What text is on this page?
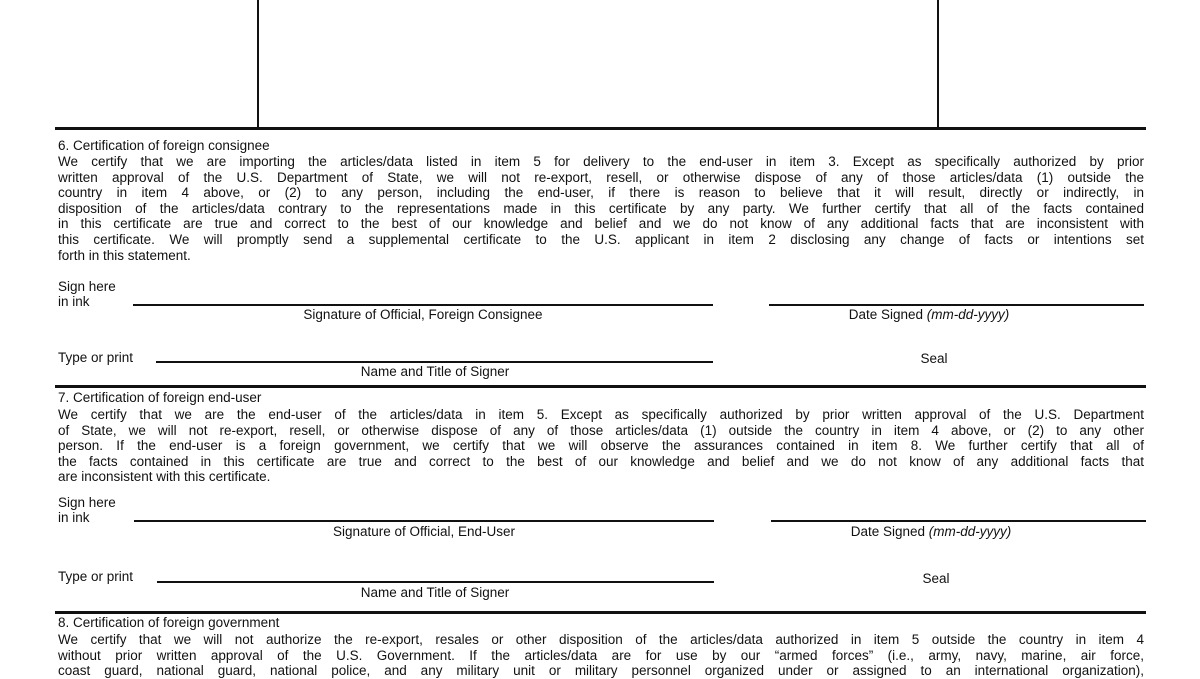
6. Certification of foreign consignee
We certify that we are importing the articles/data listed in item 5 for delivery to the end-user in item 3. Except as specifically authorized by prior
written approval of the U.S. Department of State, we will not re-export, resell, or otherwise dispose of any of those articles/data (1) outside the
country in item 4 above, or (2) to any person, including the end-user, if there is reason to believe that it will result, directly or indirectly, in
disposition of the articles/data contrary to the representations made in this certificate by any party. We further certify that all of the facts contained
in this certificate are true and correct to the best of our knowledge and belief and we do not know of any additional facts that are inconsistent with
this certificate. We will promptly send a supplemental certificate to the U.S. applicant in item 2 disclosing any change of facts or intentions set
forth in this statement.
Sign here
in ink
Signature of Official, Foreign Consignee	Date Signed (mm-dd-yyyy)
Type or print
Name and Title of Signer
Seal
7. Certification of foreign end-user
We certify that we are the end-user of the articles/data in item 5. Except as specifically authorized by prior written approval of the U.S. Department
of State, we will not re-export, resell, or otherwise dispose of any of those articles/data (1) outside the country in item 4 above, or (2) to any other
person. If the end-user is a foreign government, we certify that we will observe the assurances contained in item 8. We further certify that all of
the facts contained in this certificate are true and correct to the best of our knowledge and belief and we do not know of any additional facts that
are inconsistent with this certificate.
Sign here
in ink
Signature of Official, End-User	Date Signed (mm-dd-yyyy)
Type or print
Name and Title of Signer
Seal
8. Certification of foreign government
We certify that we will not authorize the re-export, resales or other disposition of the articles/data authorized in item 5 outside the country in item 4
without prior written approval of the U.S. Government. If the articles/data are for use by our “armed forces” (i.e., army, navy, marine, air force,
coast guard, national guard, national police, and any military unit or military personnel organized under or assigned to an international organization),
